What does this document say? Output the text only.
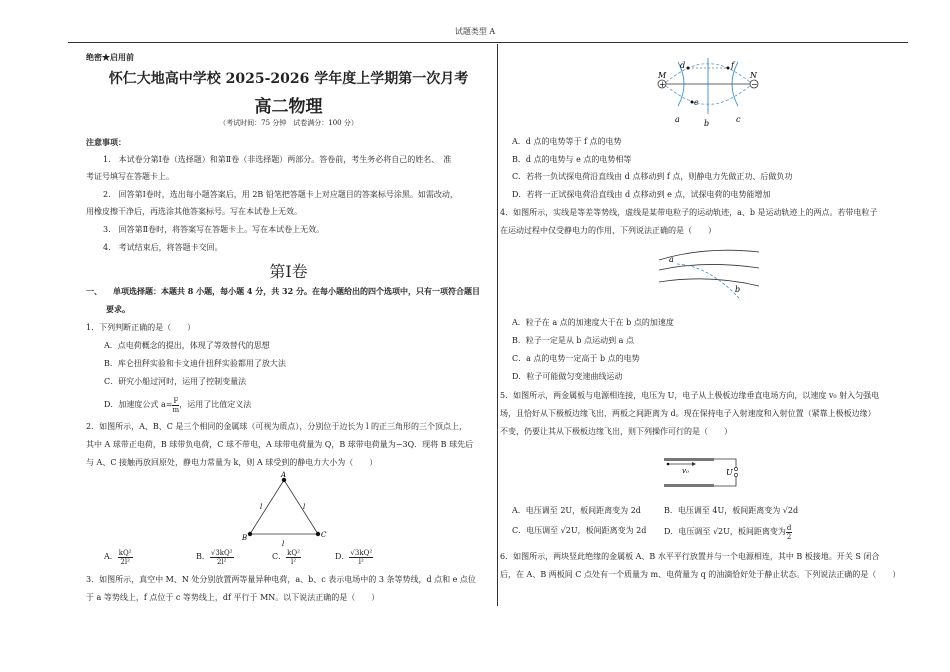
试题类型 A
绝密★启用前
怀仁大地高中学校 2025-2026 学年度上学期第一次月考
高二物理
（考试时间：75 分钟　试卷满分：100 分）
注意事项：
1.　本试卷分第Ⅰ卷（选择题）和第Ⅱ卷（非选择题）两部分。答卷前，考生务必将自己的姓名、　准
考证号填写在答题卡上。
2.　回答第Ⅰ卷时，选出每小题答案后，用 2B 铅笔把答题卡上对应题目的答案标号涂黑。如需改动，
用橡皮擦干净后，再选涂其他答案标号。写在本试卷上无效。
3.　回答第Ⅱ卷时，将答案写在答题卡上。写在本试卷上无效。
4.　考试结束后，将答题卡交回。
第Ⅰ卷
一、 单项选择题：本题共 8 小题，每小题 4 分，共 32 分。在每小题给出的四个选项中，只有一项符合题目
要求。
1．下列判断正确的是（　　）
A．点电荷概念的提出，体现了等效替代的思想
B．库仑扭秤实验和卡文迪什扭秤实验都用了放大法
C．研究小船过河时，运用了控制变量法
D．加速度公式 $a= \frac{F}{m}$ ，运用了比值定义法
2．如图所示，A、B、C 是三个相同的金属球（可视为质点），分别位于边长为 l 的正三角形的三个顶点上，
其中 A 球带正电荷，B 球带负电荷，C 球不带电，A 球带电荷量为 Q，B 球带电荷量为−3Q．现将 B 球先后
与 A、C 接触再放回原处，静电力常量为 k，则 A 球受到的静电力大小为（　　）
A
B	C
l	l
l
A． $\frac{\text{kQ²}}{\text{2l²}}$	B． $\frac{\text{√3kQ²}}{\text{2l²}}$	C． $\frac{\text{kQ²}}{\text{l²}}$	D． $\frac{\text{√3kQ²}}{\text{l²}}$
3．如图所示，真空中 M、N 处分别放置两等量异种电荷，a、b、c 表示电场中的 3 条等势线，d 点和 e 点位
于 a 等势线上，f 点位于 c 等势线上，df 平行于 MN。以下说法正确的是（　　）
+	−
M	N
d	f
e
a	b	c
A．d 点的电势等于 f 点的电势
B．d 点的电势与 e 点的电势相等
C．若将一负试探电荷沿直线由 d 点移动到 f 点，则静电力先做正功、后做负功
D．若将一正试探电荷沿直线由 d 点移动到 e 点，试探电荷的电势能增加
4．如图所示，实线是等差等势线，虚线是某带电粒子的运动轨迹，a、b 是运动轨迹上的两点。若带电粒子
在运动过程中仅受静电力的作用，下列说法正确的是（　　）
a
b
A．粒子在 a 点的加速度大于在 b 点的加速度
B．粒子一定是从 b 点运动到 a 点
C．a 点的电势一定高于 b 点的电势
D．粒子可能做匀变速曲线运动
5．如图所示，两金属板与电源相连接，电压为 U，电子从上极板边缘垂直电场方向，以速度 v₀ 射入匀强电
场，且恰好从下极板边缘飞出，两板之间距离为 d。现在保持电子入射速度和入射位置（紧靠上极板边缘）
不变，仍要让其从下极板边缘飞出，则下列操作可行的是（　　）
v₀	U
A．电压调至 2U，板间距离变为 2d	B．电压调至 4U，板间距离变为 √2d
C．电压调至 √2U，板间距离变为 2d D．电压调至 √2U，板间距离变为 $\frac{d}{2}$
6．如图所示，两块竖此绝缘的金属板 A、B 水平平行放置并与一个电源相连，其中 B 板接地。开关 S 闭合
后，在 A、B 两板间 C 点处有一个质量为 m、电荷量为 q 的油滴恰好处于静止状态。下列说法正确的是（　　）
